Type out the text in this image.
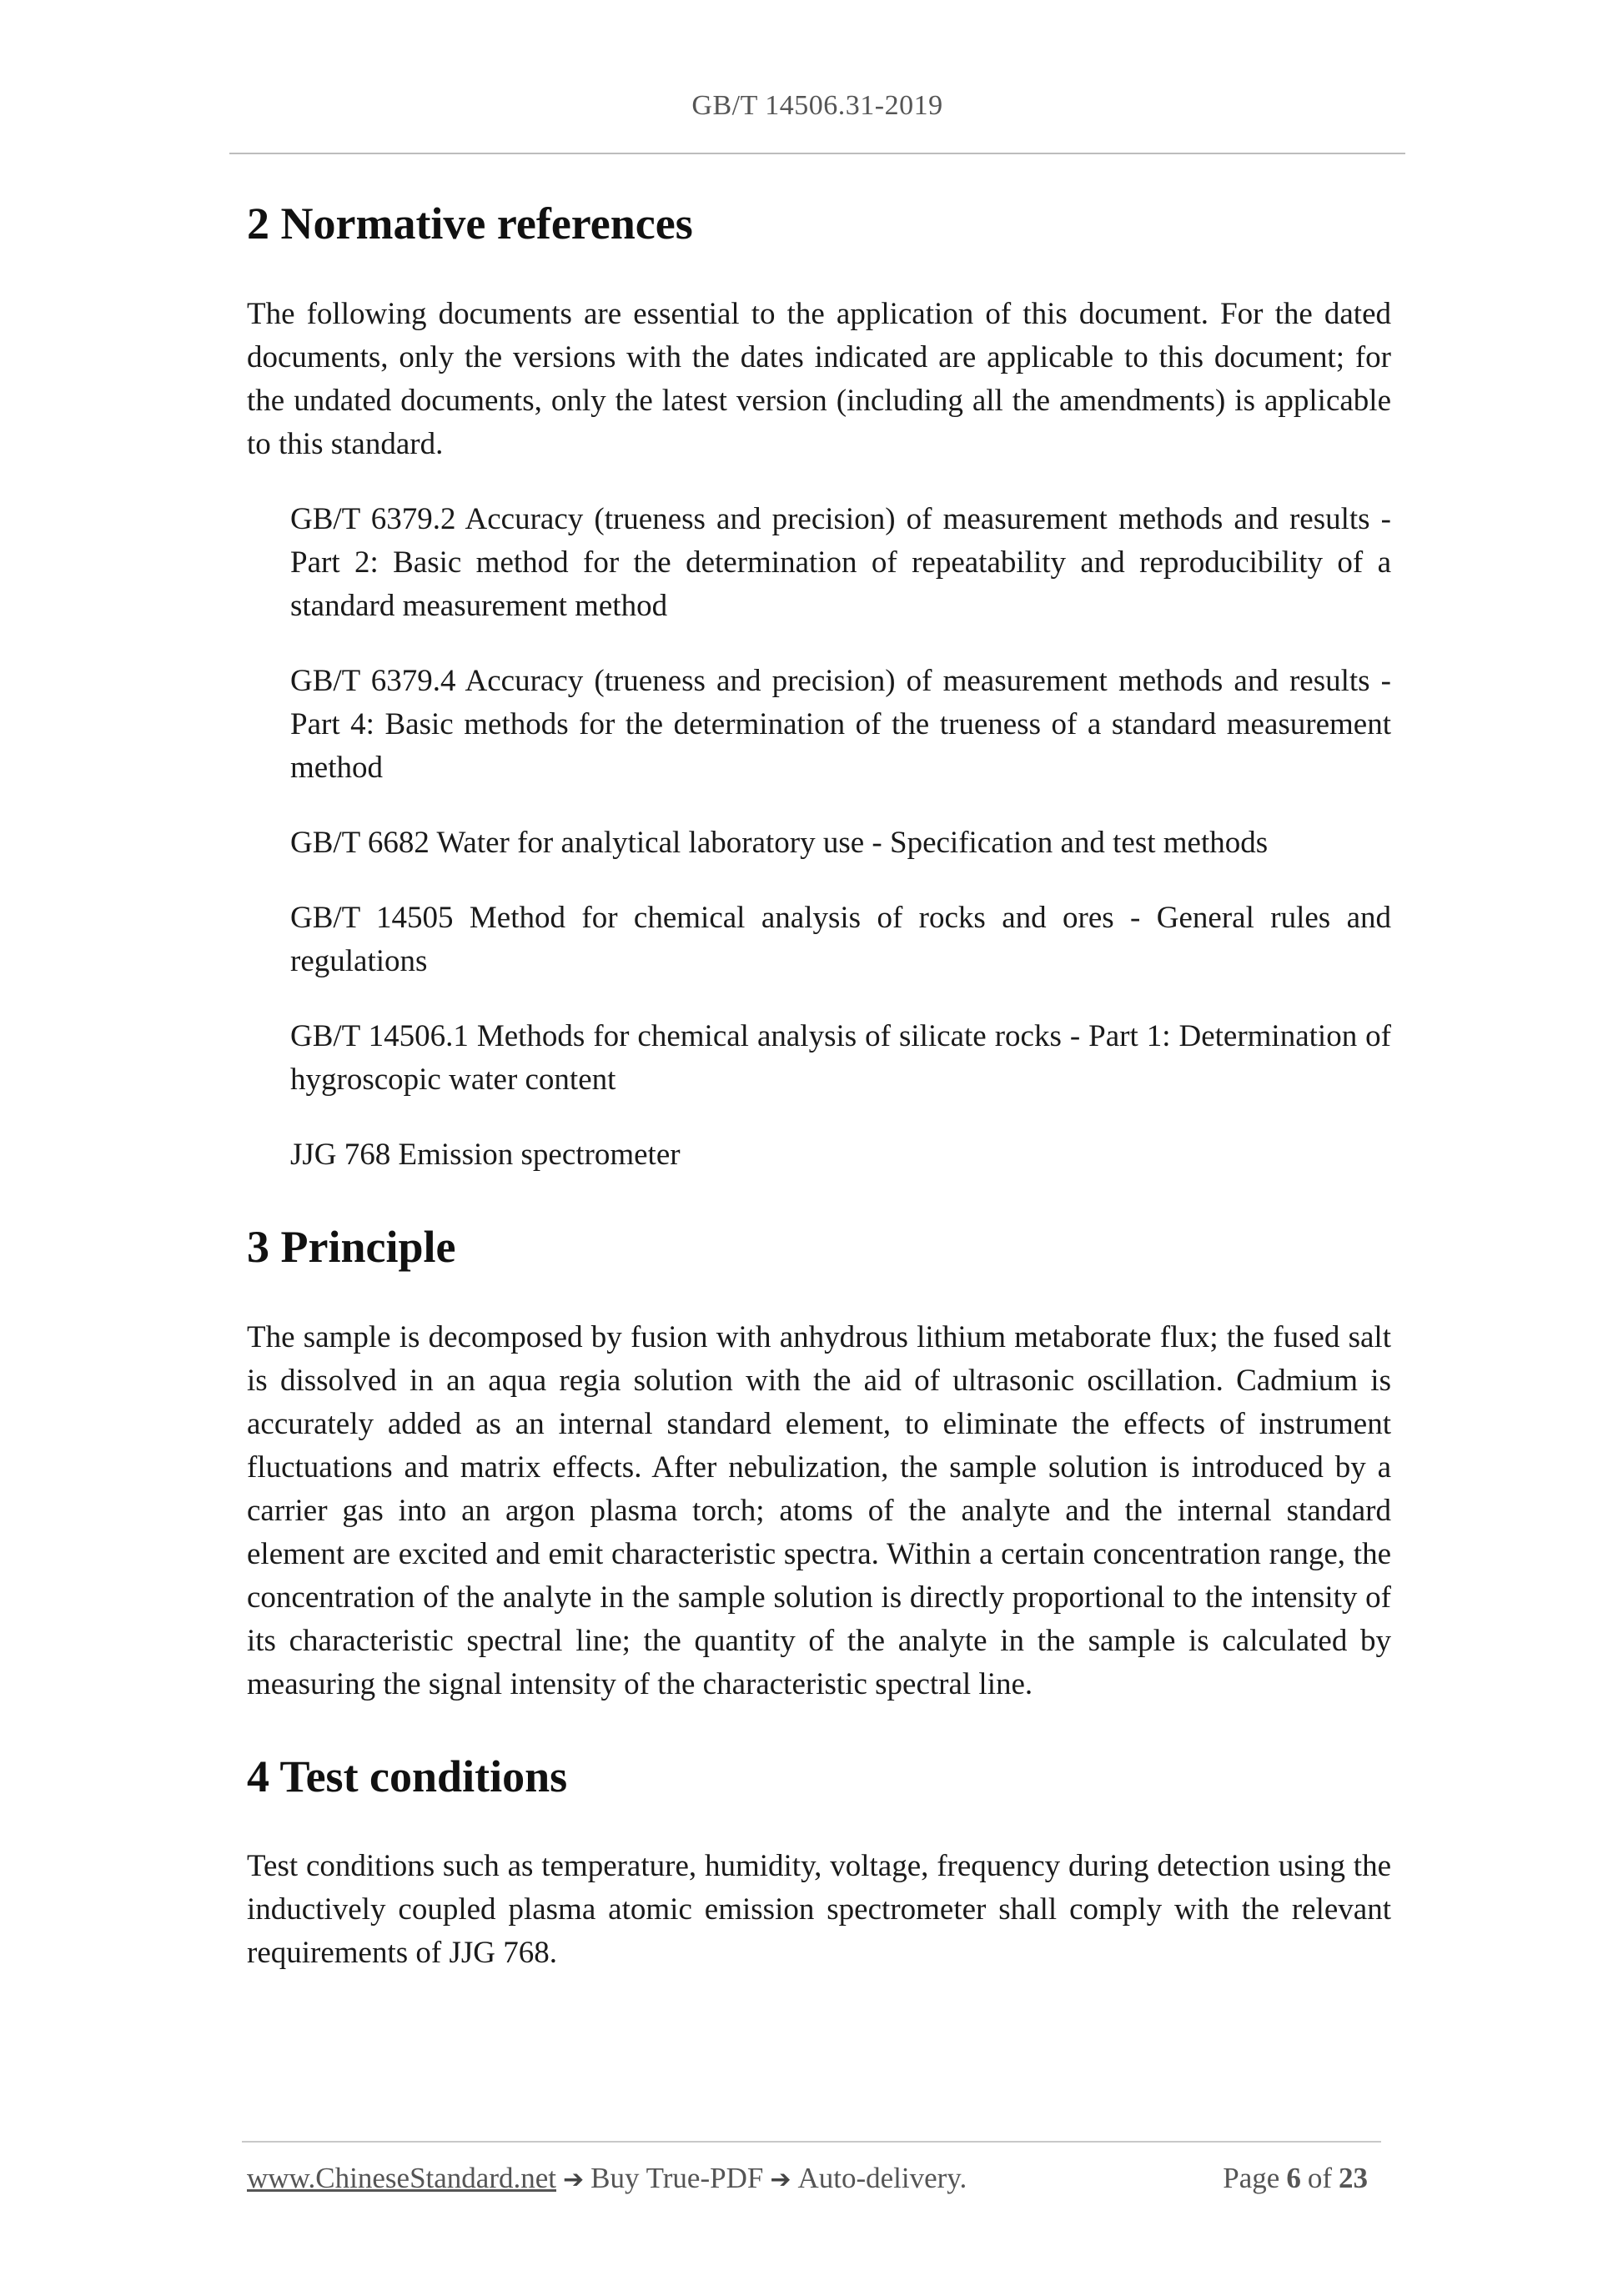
GB/T 14506.31-2019
2 Normative references

The following documents are essential to the application of this document. For the dated documents, only the versions with the dates indicated are applicable to this document; for the undated documents, only the latest version (including all the amendments) is applicable to this standard.

GB/T 6379.2 Accuracy (trueness and precision) of measurement methods and results - Part 2: Basic method for the determination of repeatability and reproducibility of a standard measurement method
GB/T 6379.4 Accuracy (trueness and precision) of measurement methods and results - Part 4: Basic methods for the determination of the trueness of a standard measurement method
GB/T 6682 Water for analytical laboratory use - Specification and test methods
GB/T 14505 Method for chemical analysis of rocks and ores - General rules and regulations
GB/T 14506.1 Methods for chemical analysis of silicate rocks - Part 1: Determination of hygroscopic water content
JJG 768 Emission spectrometer
3 Principle

The sample is decomposed by fusion with anhydrous lithium metaborate flux; the fused salt is dissolved in an aqua regia solution with the aid of ultrasonic oscillation. Cadmium is accurately added as an internal standard element, to eliminate the effects of instrument fluctuations and matrix effects. After nebulization, the sample solution is introduced by a carrier gas into an argon plasma torch; atoms of the analyte and the internal standard element are excited and emit characteristic spectra. Within a certain concentration range, the concentration of the analyte in the sample solution is directly proportional to the intensity of its characteristic spectral line; the quantity of the analyte in the sample is calculated by measuring the signal intensity of the characteristic spectral line.

4 Test conditions

Test conditions such as temperature, humidity, voltage, frequency during detection using the inductively coupled plasma atomic emission spectrometer shall comply with the relevant requirements of JJG 768.

www.ChineseStandard.net ➔ Buy True-PDF ➔ Auto-delivery.	Page 6 of 23
